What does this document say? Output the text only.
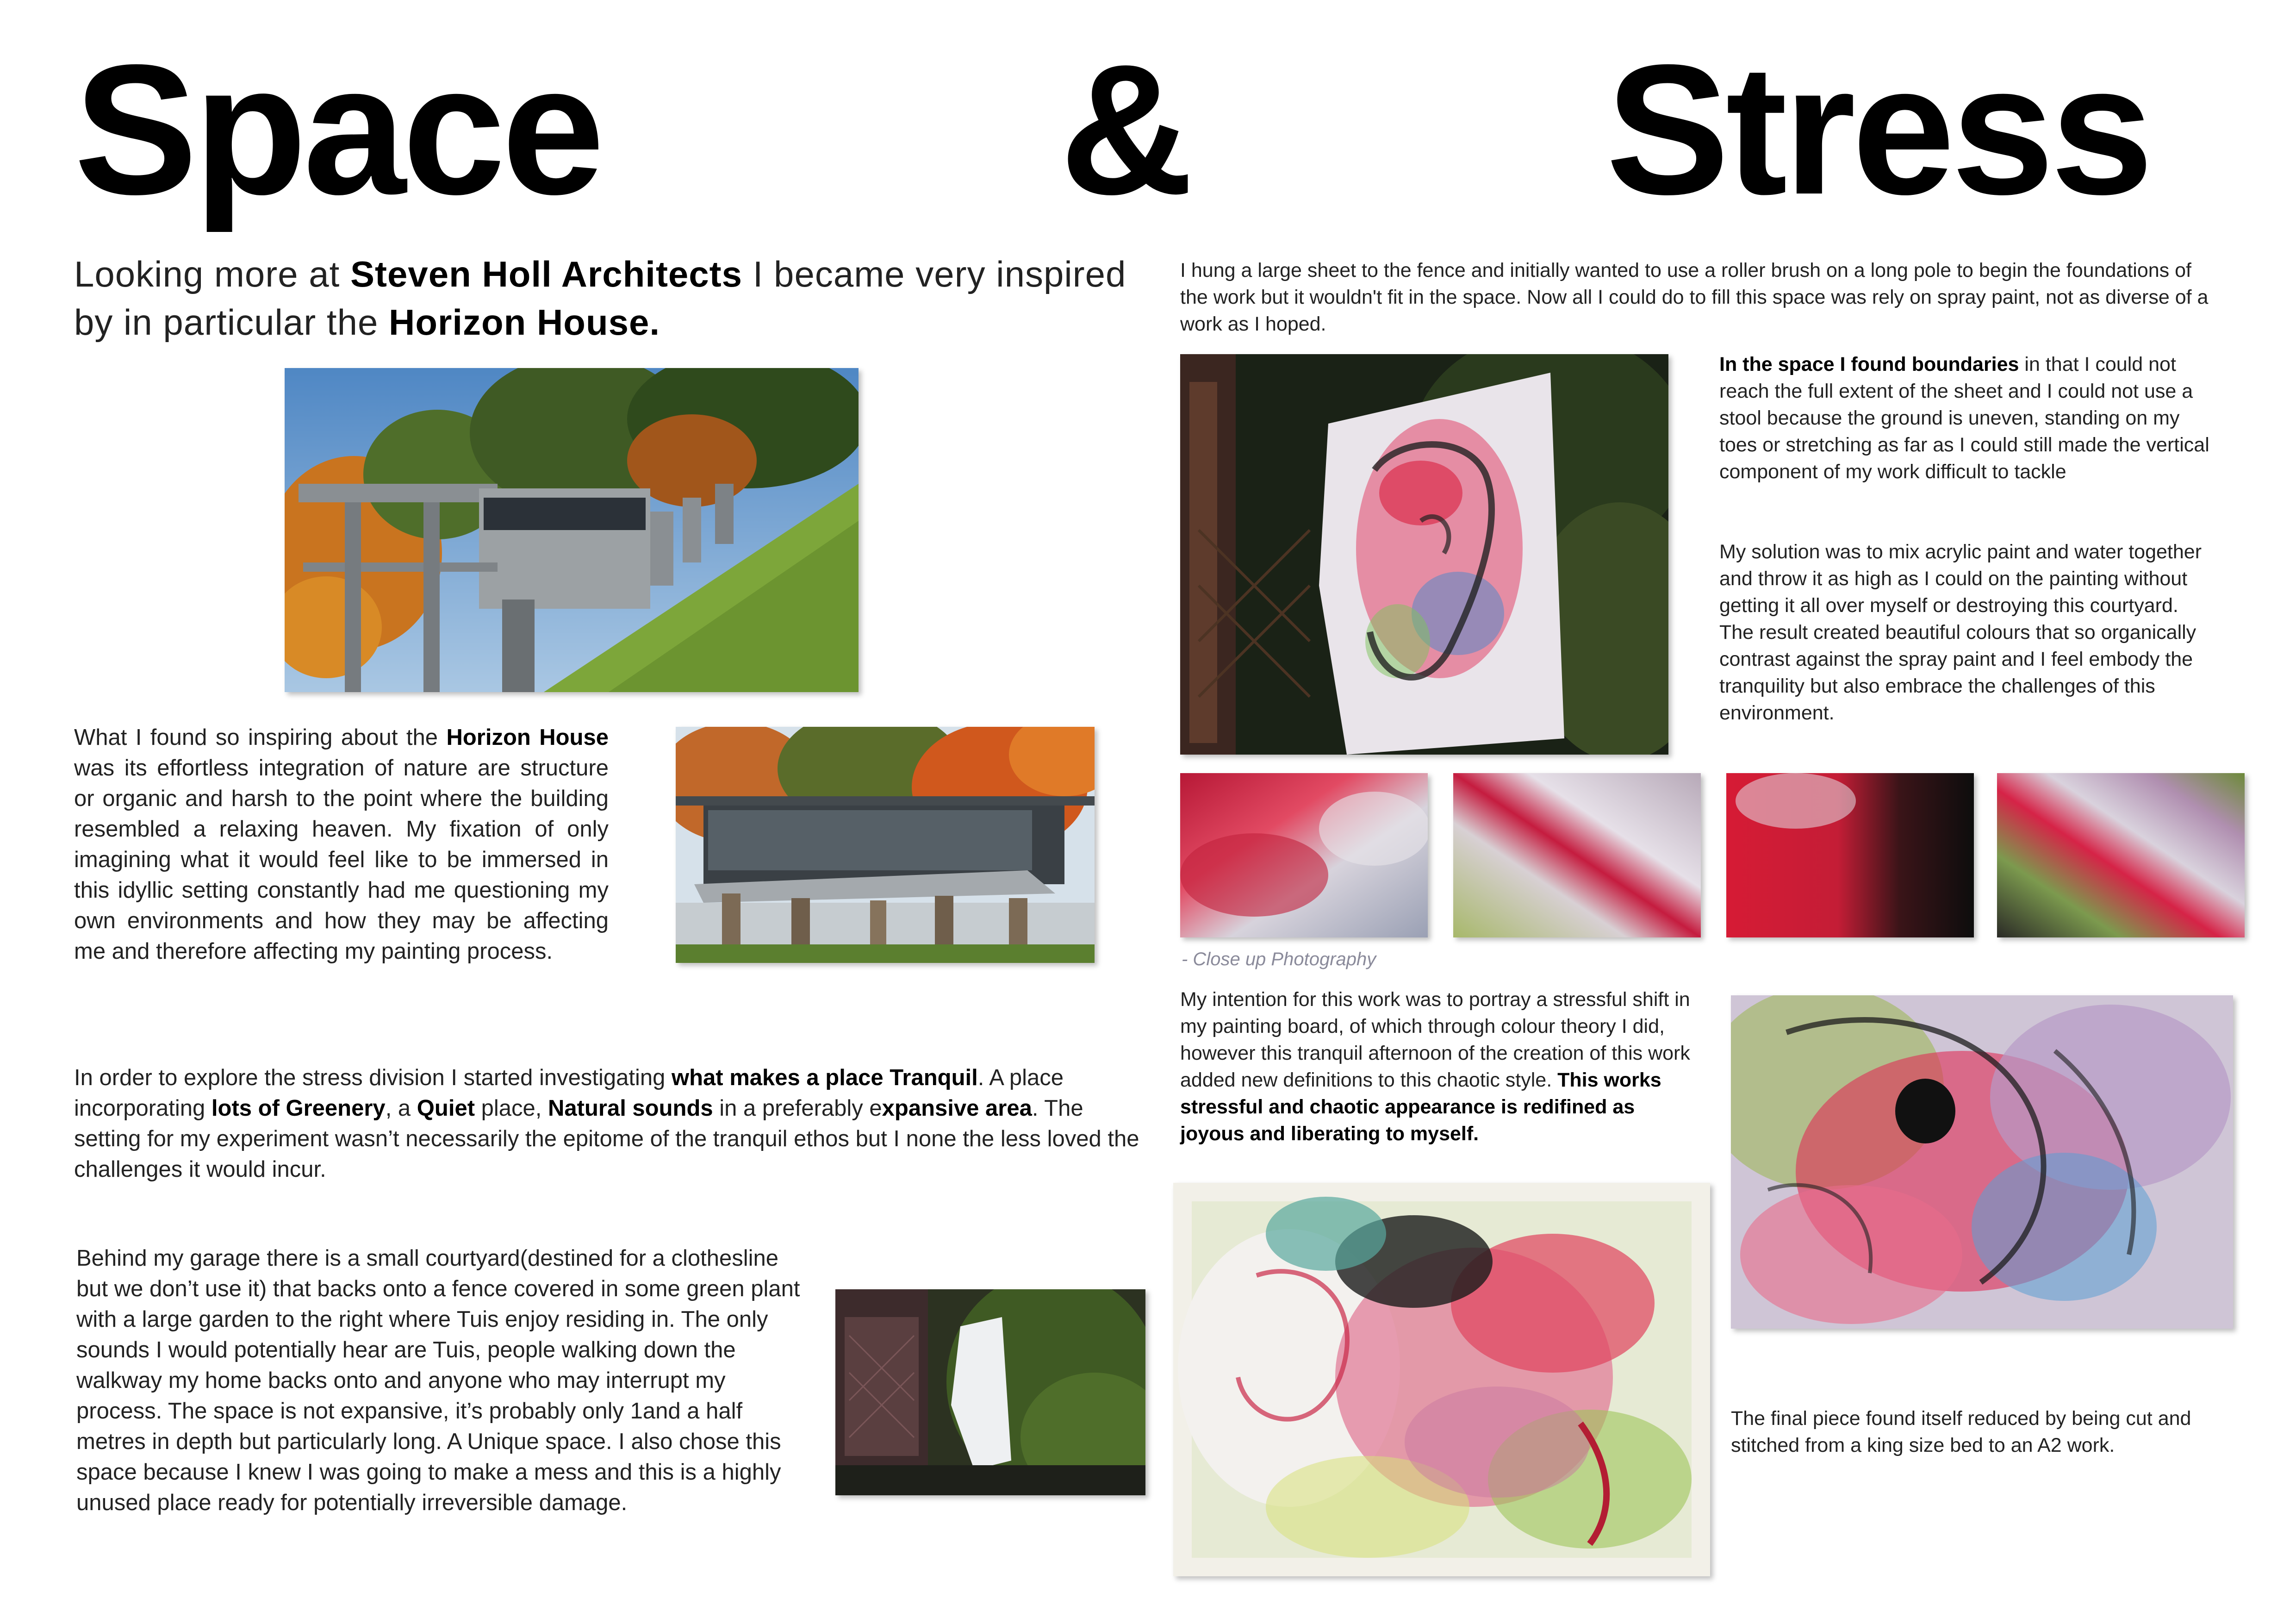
Space & Stress
Looking more at Steven Holl Architects I became very inspired by in particular the Horizon House.
What I found so inspiring about the Horizon House was its effortless integration of nature are structure or organic and harsh to the point where the building resembled a relaxing heaven. My fixation of only imagining what it would feel like to be immersed in this idyllic setting constantly had me questioning my own environments and how they may be affecting me and therefore affecting my painting process.
In order to explore the stress division I started investigating what makes a place Tranquil. A place incorporating lots of Greenery, a Quiet place, Natural sounds in a preferably expansive area. The setting for my experiment wasn’t necessarily the epitome of the tranquil ethos but I none the less loved the challenges it would incur.
Behind my garage there is a small courtyard(destined for a clothesline but we don’t use it) that backs onto a fence covered in some green plant with a large garden to the right where Tuis enjoy residing in. The only sounds I would potentially hear are Tuis, people walking down the walkway my home backs onto and anyone who may interrupt my process. The space is not expansive, it’s probably only 1and a half metres in depth but particularly long. A Unique space. I also chose this space because I knew I was going to make a mess and this is a highly unused place ready for potentially irreversible damage.
I hung a large sheet to the fence and initially wanted to use a roller brush on a long pole to begin the foundations of the work but it wouldn't fit in the space. Now all I could do to fill this space was rely on spray paint, not as diverse of a work as I hoped.
In the space I found boundaries in that I could not reach the full extent of the sheet and I could not use a stool because the ground is uneven, standing on my toes or stretching as far as I could still made the vertical component of my work difficult to tackle
My solution was to mix acrylic paint and water together and throw it as high as I could on the painting without getting it all over myself or destroying this courtyard. The result created beautiful colours that so organically contrast against the spray paint and I feel embody the tranquility but also embrace the challenges of this environment.
- Close up Photography
My intention for this work was to portray a stressful shift in my painting board, of which through colour theory I did, however this tranquil afternoon of the creation of this work added new definitions to this chaotic style. This works stressful and chaotic appearance is redifined as joyous and liberating to myself.
The final piece found itself reduced by being cut and stitched from a king size bed to an A2 work.
